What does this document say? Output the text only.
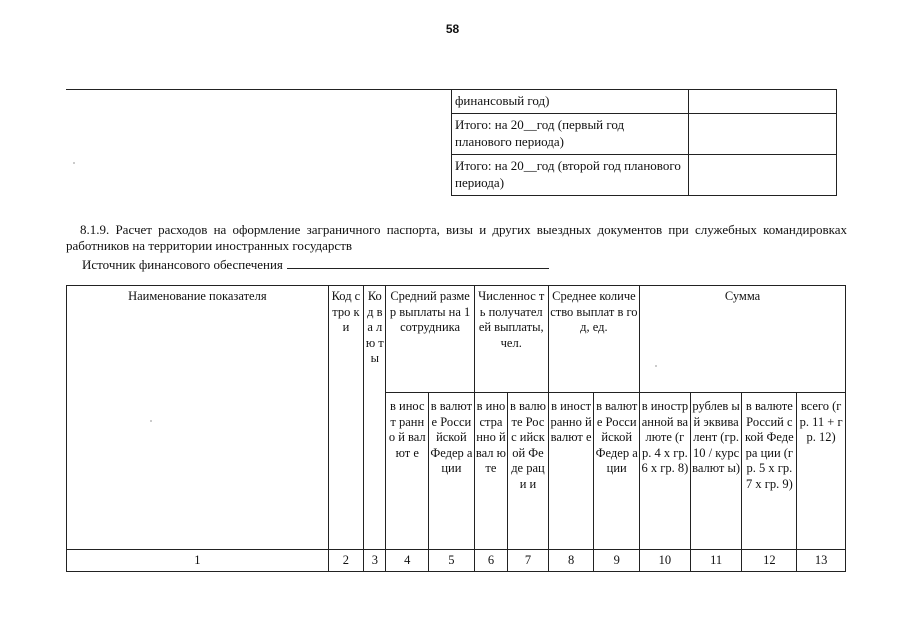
58
финансовый год)	
Итого: на 20__год (первый год планового периода)	
Итого: на 20__год (второй год планового периода)	
8.1.9. Расчет расходов на оформление заграничного паспорта, визы и других выездных документов при служебных командировках работников на территории иностранных государств
Источник финансового обеспечения
Наименование показателя	Код стро ки	Ко д ва лю ты	Средний размер выплаты на 1 сотрудника		Численнос ть получател ей выплаты, чел.		Среднее количество выплат в год, ед.		Сумма			
			в иност ранно й валют е	в валют е Росси йской Федер ации	в ино стра нно й вал юте	в валю те Росс ийск ой Феде раци и	в иност ранно й валют е	в валют е Росси йской Федер ации	в иностр анной валюте (гр. 4 х гр. 6 х гр. 8)	рублев ый эквива лент (гр. 10 / курс валют ы)	в валюте Россий ской Федера ции (гр. 5 х гр. 7 х гр. 9)	всего (гр. 11 + гр. 12)
1	2	3	4	5	6	7	8	9	10	11	12	13
